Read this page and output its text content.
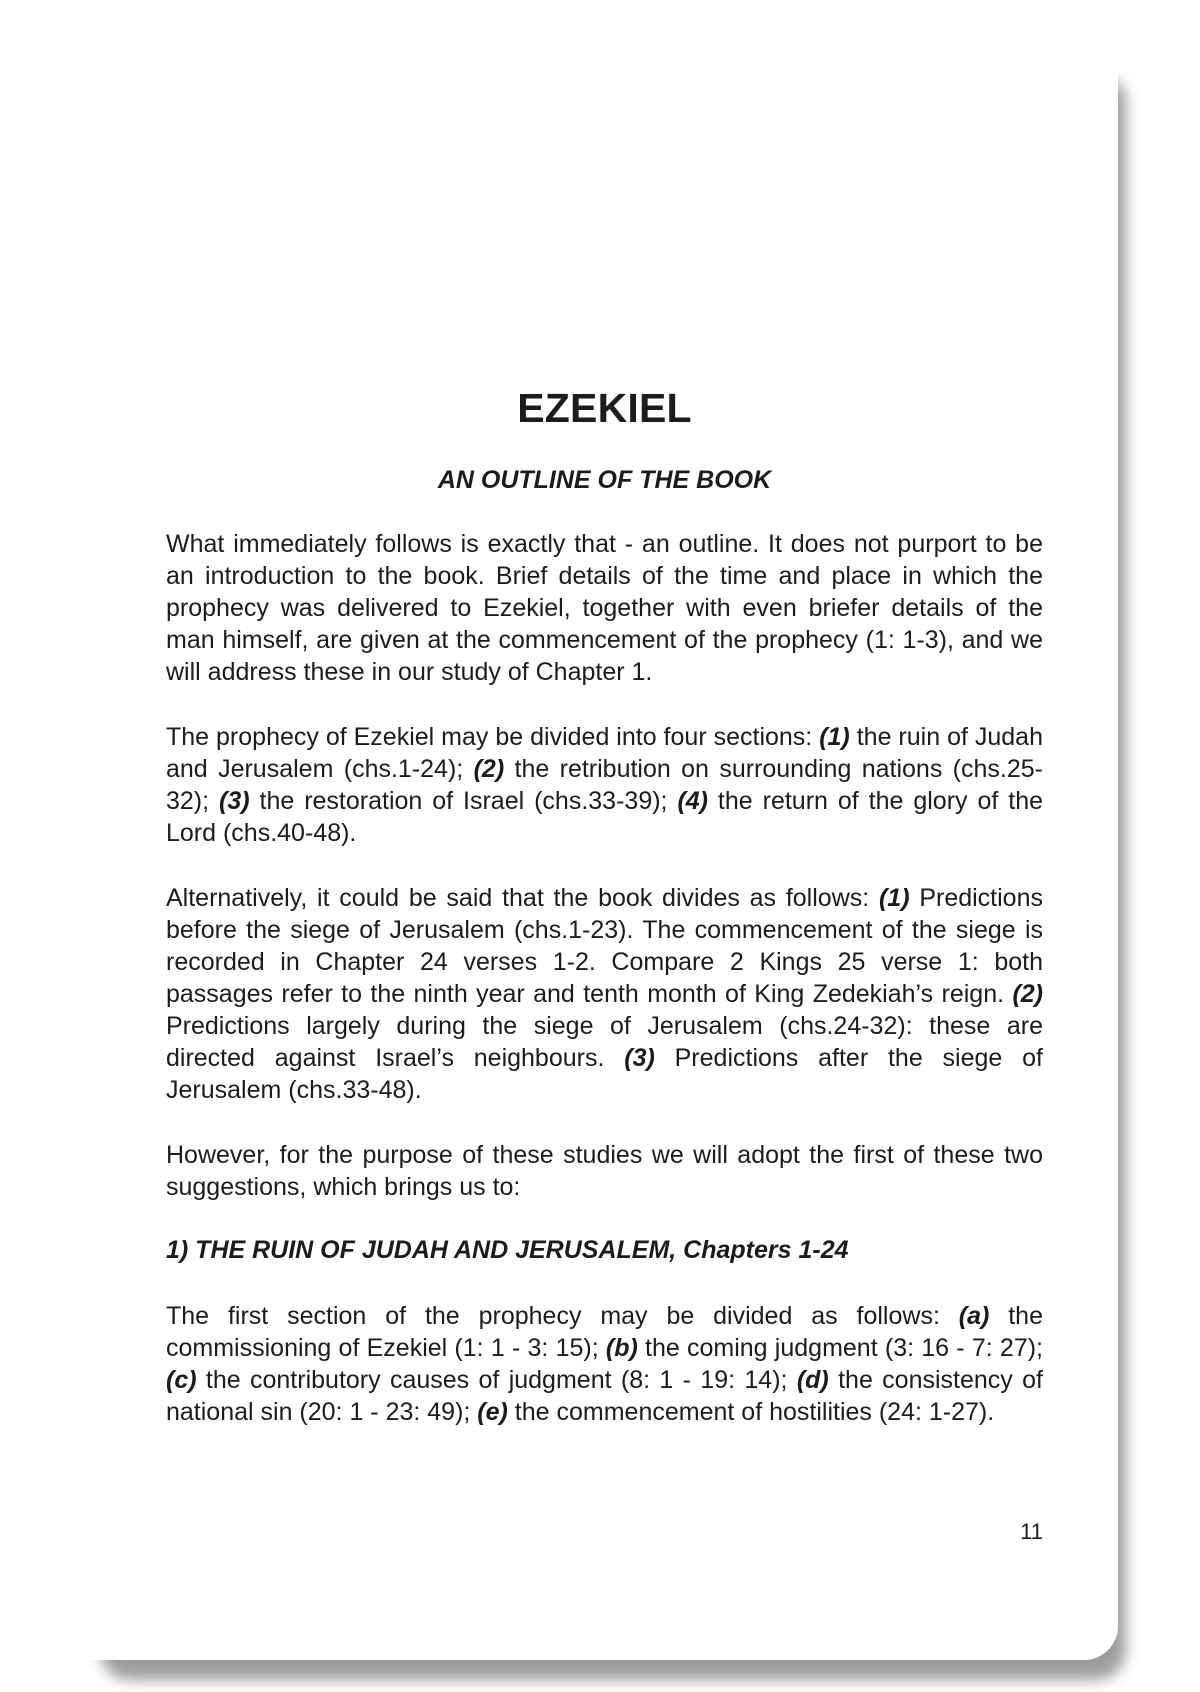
EZEKIEL
AN OUTLINE OF THE BOOK

What immediately follows is exactly that - an outline. It does not purport to be an introduction to the book. Brief details of the time and place in which the prophecy was delivered to Ezekiel, together with even briefer details of the man himself, are given at the commencement of the prophecy (1: 1-3), and we will address these in our study of Chapter 1.

The prophecy of Ezekiel may be divided into four sections: (1) the ruin of Judah and Jerusalem (chs.1-24); (2) the retribution on surrounding nations (chs.25-32); (3) the restoration of Israel (chs.33-39); (4) the return of the glory of the Lord (chs.40-48).

Alternatively, it could be said that the book divides as follows: (1) Predictions before the siege of Jerusalem (chs.1-23). The commencement of the siege is recorded in Chapter 24 verses 1-2. Compare 2 Kings 25 verse 1: both passages refer to the ninth year and tenth month of King Zedekiah’s reign. (2) Predictions largely during the siege of Jerusalem (chs.24-32): these are directed against Israel’s neighbours. (3) Predictions after the siege of Jerusalem (chs.33-48).

However, for the purpose of these studies we will adopt the first of these two suggestions, which brings us to:

1) THE RUIN OF JUDAH AND JERUSALEM, Chapters 1-24

The first section of the prophecy may be divided as follows: (a) the commissioning of Ezekiel (1: 1 - 3: 15); (b) the coming judgment (3: 16 - 7: 27); (c) the contributory causes of judgment (8: 1 - 19: 14); (d) the consistency of national sin (20: 1 - 23: 49); (e) the commencement of hostilities (24: 1-27).

11
